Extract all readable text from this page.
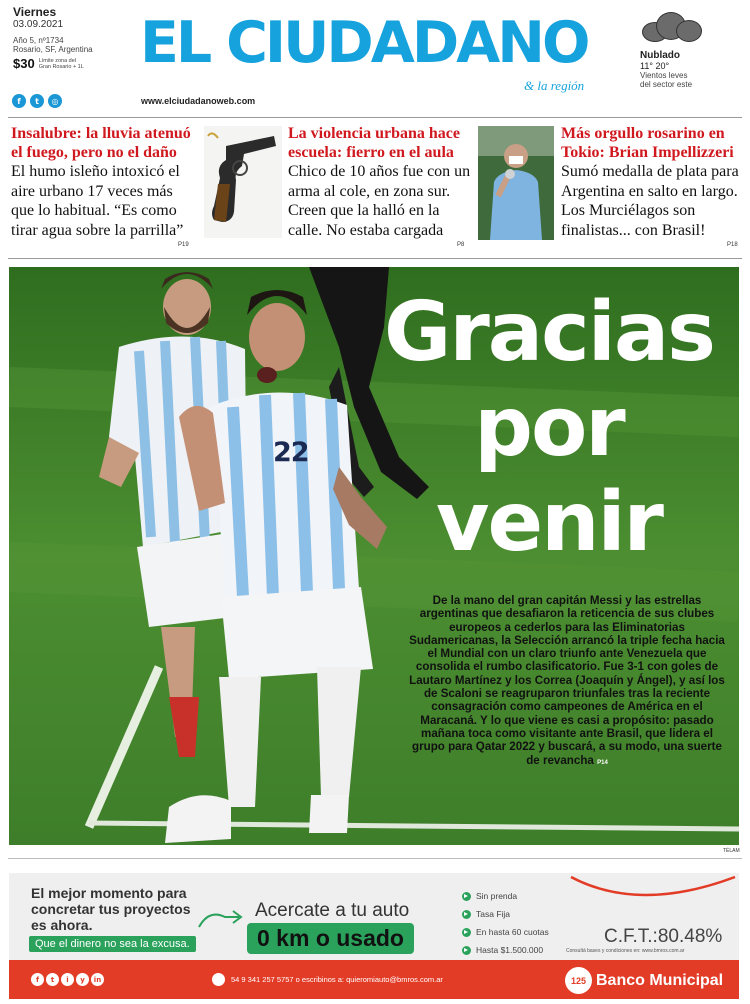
Viernes
03.09.2021
Año 5, nº1734
Rosario, SF, Argentina
$30 Límite zona del Gran Rosario + 1L
f	t	◎
EL CIUDADANO
& la región
www.elciudadanoweb.com
Nublado
11° 20°
Vientos leves
del sector este
Insalubre: la lluvia atenuó el fuego, pero no el daño

El humo isleño intoxicó el aire urbano 17 veces más que lo habitual. “Es como tirar agua sobre la parrilla”

P19
La violencia urbana hace escuela: fierro en el aula

Chico de 10 años fue con un arma al cole, en zona sur. Creen que la halló en la calle. No estaba cargada

P8
Más orgullo rosarino en Tokio: Brian Impellizzeri

Sumó medalla de plata para Argentina en salto en largo. Los Murciélagos son finalistas... con Brasil!

P18
Gracias
por
venir
22

De la mano del gran capitán Messi y las estrellas argentinas que desafiaron la reticencia de sus clubes europeos a cederlos para las Eliminatorias Sudamericanas, la Selección arrancó la triple fecha hacia el Mundial con un claro triunfo ante Venezuela que consolida el rumbo clasificatorio. Fue 3-1 con goles de Lautaro Martínez y los Correa (Joaquín y Ángel), y así los de Scaloni se reagruparon triunfales tras la reciente consagración como campeones de América en el Maracaná. Y lo que viene es casi a propósito: pasado mañana toca como visitante ante Brasil, que lidera el grupo para Qatar 2022 y buscará, a su modo, una suerte de revancha P14

TÉLAM
El mejor momento para
concretar tus proyectos
es ahora.
Que el dinero no sea la excusa.
Acercate a tu auto
0 km o usado
Sin prenda
Tasa Fija
En hasta 60 cuotas
Hasta $1.500.000
C.F.T.:80.48%
Consultá bases y condiciones en: www.bmros.com.ar
f	t	i	y	in	54 9 341 257 5757 o escribinos a: quieromiauto@bmros.com.ar	125 Banco Municipal
